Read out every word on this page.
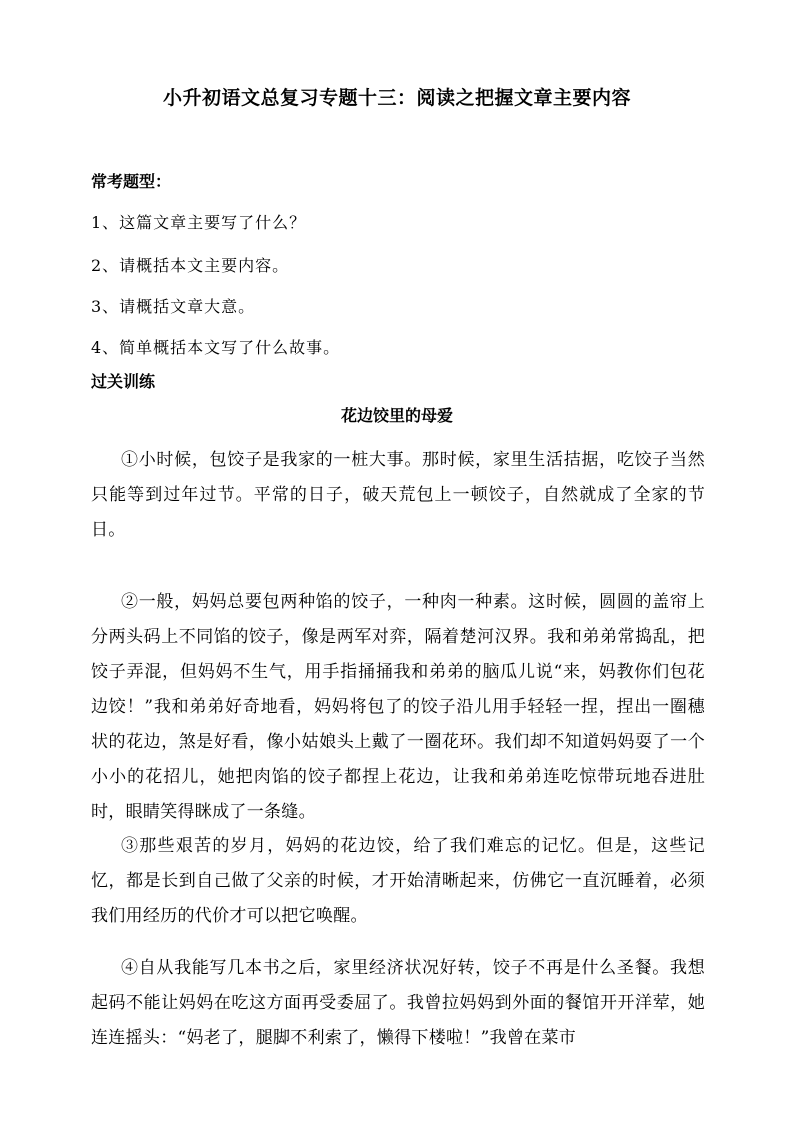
小升初语文总复习专题十三：阅读之把握文章主要内容
常考题型：
1、这篇文章主要写了什么？
2、请概括本文主要内容。
3、请概括文章大意。
4、简单概括本文写了什么故事。
过关训练
花边饺里的母爱
①小时候，包饺子是我家的一桩大事。那时候，家里生活拮据，吃饺子当然只能等到过年过节。平常的日子，破天荒包上一顿饺子，自然就成了全家的节日。
②一般，妈妈总要包两种馅的饺子，一种肉一种素。这时候，圆圆的盖帘上分两头码上不同馅的饺子，像是两军对弈，隔着楚河汉界。我和弟弟常捣乱，把饺子弄混，但妈妈不生气，用手指捅捅我和弟弟的脑瓜儿说“来，妈教你们包花边饺！”我和弟弟好奇地看，妈妈将包了的饺子沿儿用手轻轻一捏，捏出一圈穗状的花边，煞是好看，像小姑娘头上戴了一圈花环。我们却不知道妈妈耍了一个小小的花招儿，她把肉馅的饺子都捏上花边，让我和弟弟连吃惊带玩地吞进肚时，眼睛笑得眯成了一条缝。
③那些艰苦的岁月，妈妈的花边饺，给了我们难忘的记忆。但是，这些记忆，都是长到自己做了父亲的时候，才开始清晰起来，仿佛它一直沉睡着，必须我们用经历的代价才可以把它唤醒。
④自从我能写几本书之后，家里经济状况好转，饺子不再是什么圣餐。我想起码不能让妈妈在吃这方面再受委屈了。我曾拉妈妈到外面的餐馆开开洋荤，她连连摇头：“妈老了，腿脚不利索了，懒得下楼啦！”我曾在菜市
